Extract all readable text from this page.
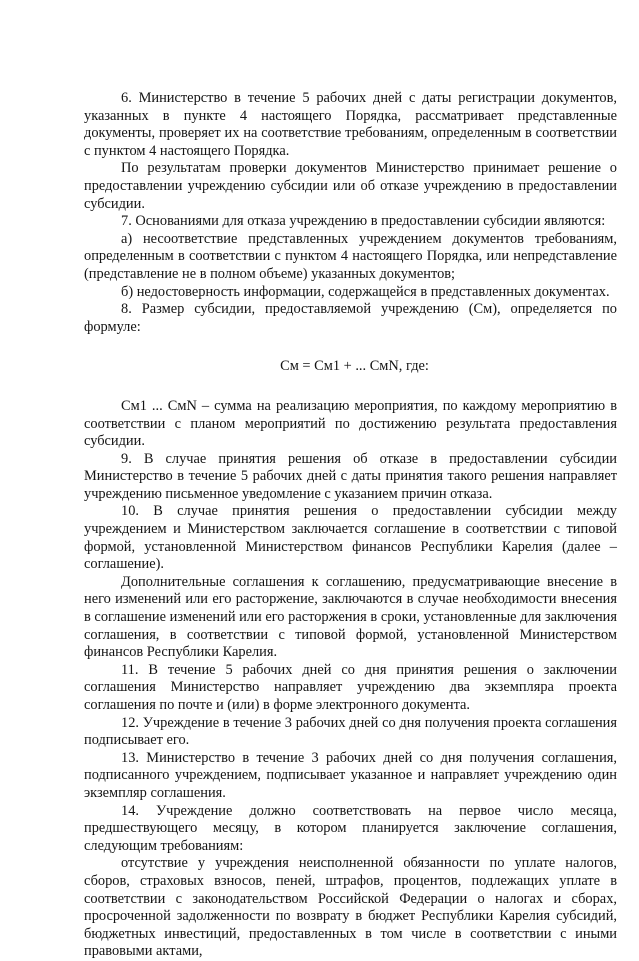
6. Министерство в течение 5 рабочих дней с даты регистрации документов, указанных в пункте 4 настоящего Порядка, рассматривает представленные документы, проверяет их на соответствие требованиям, определенным в соответствии с пунктом 4 настоящего Порядка.

По результатам проверки документов Министерство принимает решение о предоставлении учреждению субсидии или об отказе учреждению в предоставлении субсидии.

7. Основаниями для отказа учреждению в предоставлении субсидии являются:

а) несоответствие представленных учреждением документов требованиям, определенным в соответствии с пунктом 4 настоящего Порядка, или непредставление (представление не в полном объеме) указанных документов;

б) недостоверность информации, содержащейся в представленных документах.

8. Размер субсидии, предоставляемой учреждению (См), определяется по формуле:

См = См1 + ... СмN, где:

См1 ... СмN – сумма на реализацию мероприятия, по каждому мероприятию в соответствии с планом мероприятий по достижению результата предоставления субсидии.

9. В случае принятия решения об отказе в предоставлении субсидии Министерство в течение 5 рабочих дней с даты принятия такого решения направляет учреждению письменное уведомление с указанием причин отказа.

10. В случае принятия решения о предоставлении субсидии между учреждением и Министерством заключается соглашение в соответствии с типовой формой, установленной Министерством финансов Республики Карелия (далее – соглашение).

Дополнительные соглашения к соглашению, предусматривающие внесение в него изменений или его расторжение, заключаются в случае необходимости внесения в соглашение изменений или его расторжения в сроки, установленные для заключения соглашения, в соответствии с типовой формой, установленной Министерством финансов Республики Карелия.

11. В течение 5 рабочих дней со дня принятия решения о заключении соглашения Министерство направляет учреждению два экземпляра проекта соглашения по почте и (или) в форме электронного документа.

12. Учреждение в течение 3 рабочих дней со дня получения проекта соглашения подписывает его.

13. Министерство в течение 3 рабочих дней со дня получения соглашения, подписанного учреждением, подписывает указанное и направляет учреждению один экземпляр соглашения.

14. Учреждение должно соответствовать на первое число месяца, предшествующего месяцу, в котором планируется заключение соглашения, следующим требованиям:

отсутствие у учреждения неисполненной обязанности по уплате налогов, сборов, страховых взносов, пеней, штрафов, процентов, подлежащих уплате в соответствии с законодательством Российской Федерации о налогах и сборах, просроченной задолженности по возврату в бюджет Республики Карелия субсидий, бюджетных инвестиций, предоставленных в том числе в соответствии с иными правовыми актами,
